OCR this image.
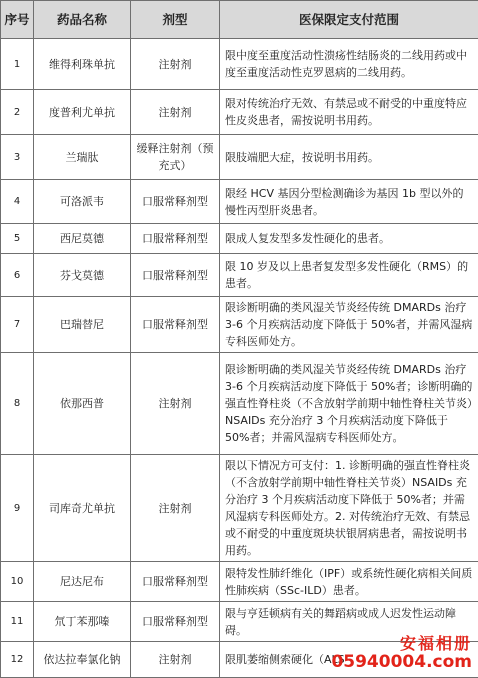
序号	药品名称	剂型	医保限定支付范围
1	维得利珠单抗	注射剂	限中度至重度活动性溃疡性结肠炎的二线用药或中度至重度活动性克罗恩病的二线用药。
2	度普利尤单抗	注射剂	限对传统治疗无效、有禁忌或不耐受的中重度特应性皮炎患者，需按说明书用药。
3	兰瑞肽	缓释注射剂（预充式）	限肢端肥大症，按说明书用药。
4	可洛派韦	口服常释剂型	限经 HCV 基因分型检测确诊为基因 1b 型以外的慢性丙型肝炎患者。
5	西尼莫德	口服常释剂型	限成人复发型多发性硬化的患者。
6	芬戈莫德	口服常释剂型	限 10 岁及以上患者复发型多发性硬化（RMS）的患者。
7	巴瑞替尼	口服常释剂型	限诊断明确的类风湿关节炎经传统 DMARDs 治疗 3-6 个月疾病活动度下降低于 50%者，并需风湿病专科医师处方。
8	依那西普	注射剂	限诊断明确的类风湿关节炎经传统 DMARDs 治疗 3-6 个月疾病活动度下降低于 50%者；诊断明确的强直性脊柱炎（不含放射学前期中轴性脊柱关节炎）NSAIDs 充分治疗 3 个月疾病活动度下降低于 50%者；并需风湿病专科医师处方。
9	司库奇尤单抗	注射剂	限以下情况方可支付：1. 诊断明确的强直性脊柱炎（不含放射学前期中轴性脊柱关节炎）NSAIDs 充分治疗 3 个月疾病活动度下降低于 50%者；并需风湿病专科医师处方。2. 对传统治疗无效、有禁忌或不耐受的中重度斑块状银屑病患者，需按说明书用药。
10	尼达尼布	口服常释剂型	限特发性肺纤维化（IPF）或系统性硬化病相关间质性肺疾病（SSc-ILD）患者。
11	氘丁苯那嗪	口服常释剂型	限与亨廷顿病有关的舞蹈病或成人迟发性运动障碍。
12	依达拉奉氯化钠	注射剂	限肌萎缩侧索硬化（ALS
安福相册
05940004.com
